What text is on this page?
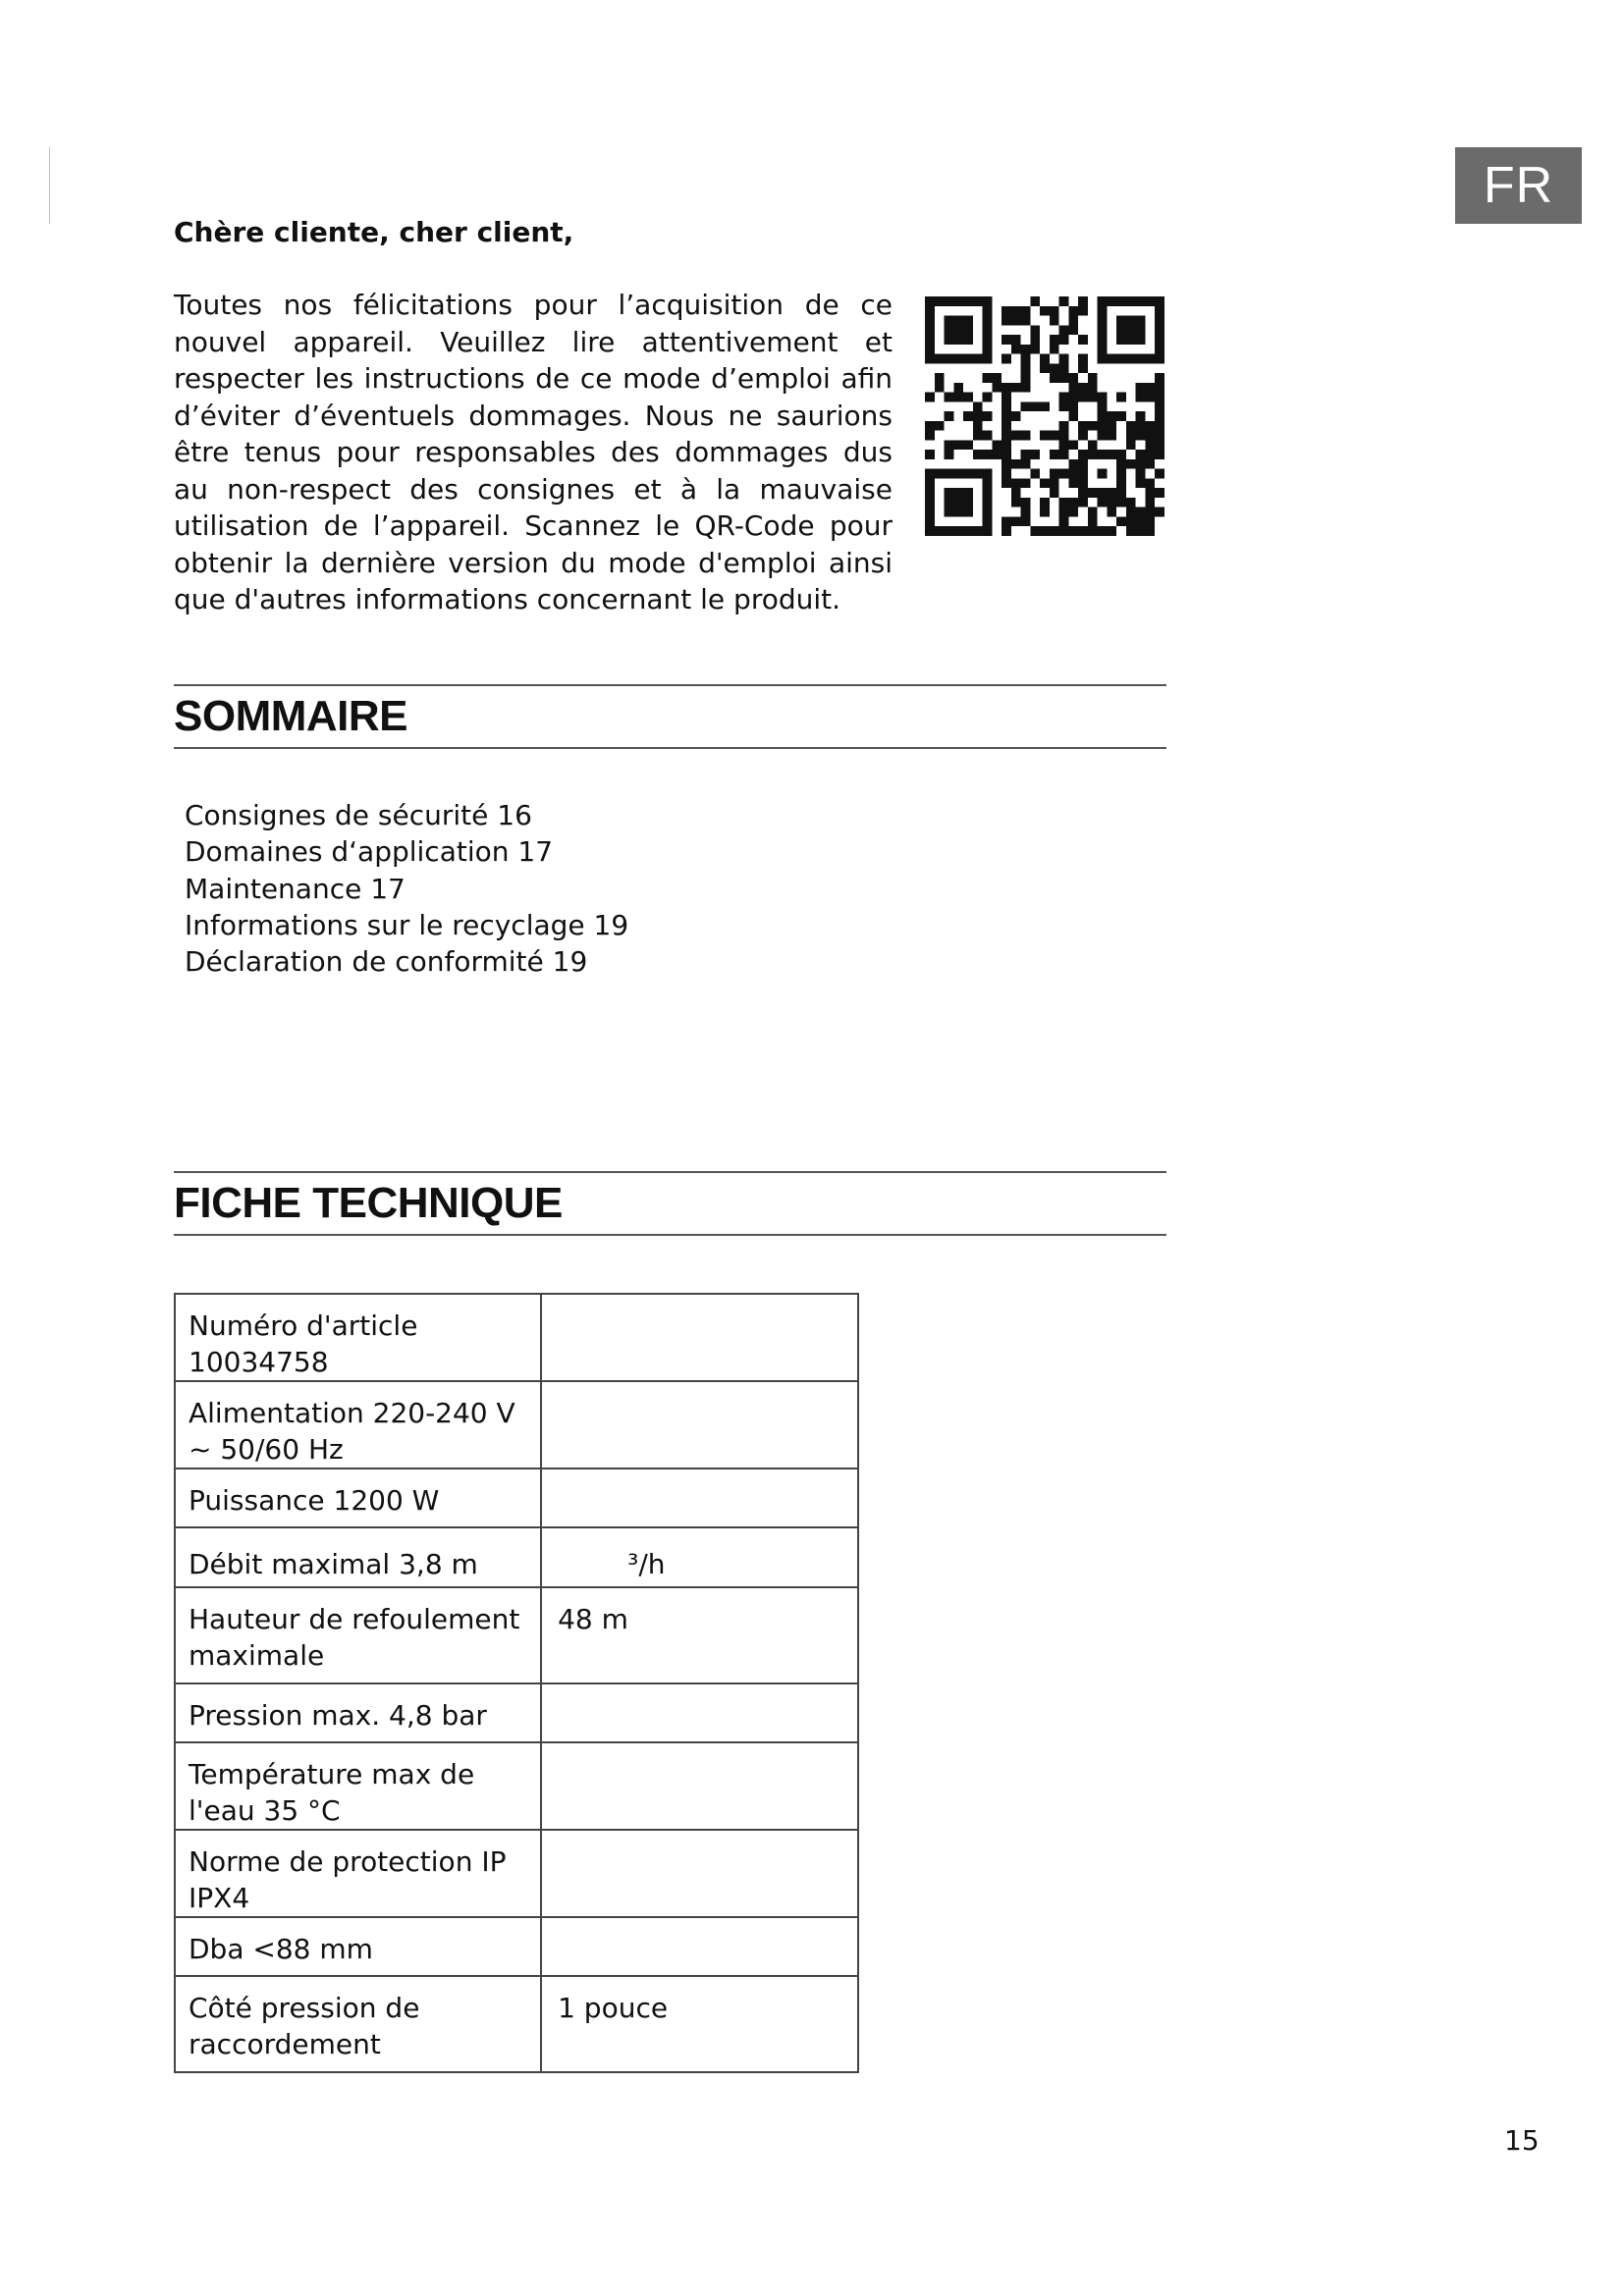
FR

Chère cliente, cher client,

Toutes nos félicitations pour l’acquisition de ce nouvel appareil. Veuillez lire attentivement et respecter les instructions de ce mode d’emploi afin d’éviter d’éventuels dommages. Nous ne saurions être tenus pour responsables des dommages dus au non-respect des consignes et à la mauvaise utilisation de l’appareil. Scannez le QR-Code pour obtenir la dernière version du mode d'emploi ainsi que d'autres informations concernant le produit.

SOMMAIRE
Consignes de sécurité 16
Domaines d‘application 17
Maintenance 17
Informations sur le recyclage 19
Déclaration de conformité 19
FICHE TECHNIQUE
Numéro d'article 10034758	
Alimentation 220-240 V ~ 50/60 Hz	
Puissance 1200 W	
Débit maximal 3,8 m	³/h
Hauteur de refoulement maximale	48 m
Pression max. 4,8 bar	
Température max de l'eau 35 °C	
Norme de protection IP IPX4	
Dba <88 mm	
Côté pression de raccordement	1 pouce
15
